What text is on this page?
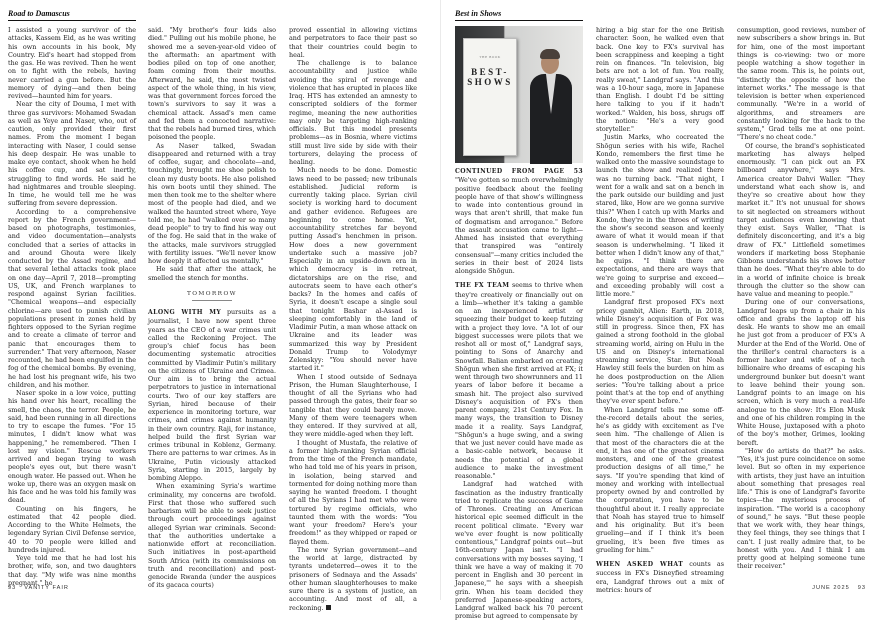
Road to Damascus

I assisted a young survivor of the attacks, Kassem Eid, as he was writing his own accounts in his book, My Country. Eid's heart had stopped from the gas. He was revived. Then he went on to fight with the rebels, having never carried a gun before. But the memory of dying—and then being revived—haunted him for years.

Near the city of Douma, I met with three gas survivors: Mohamed Swadan as well as Yeye and Naser, who, out of caution, only provided their first names. From the moment I began interacting with Naser, I could sense his deep despair. He was unable to make eye contact, shook when he held his coffee cup, and sat inertly, struggling to find words. He said he had nightmares and trouble sleeping. In time, he would tell me he was suffering from severe depression.

According to a comprehensive report by the French government—based on photographs, testimonies, and video documentation—analysts concluded that a series of attacks in and around Ghouta were likely conducted by the Assad regime, and that several lethal attacks took place on one day—April 7, 2018—prompting US, UK, and French warplanes to respond against Syrian facilities. "Chemical weapons—and especially chlorine—are used to punish civilian populations present in zones held by fighters opposed to the Syrian regime and to create a climate of terror and panic that encourages them to surrender." That very afternoon, Naser recounted, he had been engulfed in the fog of the chemical bombs. By evening, he had lost his pregnant wife, his two children, and his mother.

Naser spoke in a low voice, putting his hand over his heart, recalling the smell, the chaos, the terror. People, he said, had been running in all directions to try to escape the fumes. "For 15 minutes, I didn't know what was happening," he remembered. "Then I lost my vision." Rescue workers arrived and began trying to wash people's eyes out, but there wasn't enough water. He passed out. When he woke up, there was an oxygen mask on his face and he was told his family was dead.

Counting on his fingers, he estimated that 42 people died. According to the White Helmets, the legendary Syrian Civil Defense service, 40 to 70 people were killed and hundreds injured.

Yeye told me that he had lost his brother, wife, son, and two daughters that day. "My wife was nine months pregnant," he

said. "My brother's four kids also died." Pulling out his mobile phone, he showed me a seven-year-old video of the aftermath: an apartment with bodies piled on top of one another, foam coming from their mouths. Afterward, he said, the most twisted aspect of the whole thing, in his view, was that government forces forced the town's survivors to say it was a chemical attack. Assad's men came and fed them a concocted narrative: that the rebels had burned tires, which poisoned the people.

As Naser talked, Swadan disappeared and returned with a tray of coffee, sugar, and chocolate—and, touchingly, brought me shoe polish to clean my dusty boots. He also polished his own boots until they shined. The men then took me to the shelter where most of the people had died, and we walked the haunted street where, Yeye told me, he had "walked over so many dead people" to try to find his way out of the fog. He said that in the wake of the attacks, male survivors struggled with fertility issues. "We'll never know how deeply it affected us mentally."

He said that after the attack, he smelled the stench for months.

TOMORROW

ALONG WITH MY pursuits as a journalist, I have now spent three years as the CEO of a war crimes unit called the Reckoning Project. The group's chief focus has been documenting systematic atrocities committed by Vladimir Putin's military on the citizens of Ukraine and Crimea. Our aim is to bring the actual perpetrators to justice in international courts. Two of our key staffers are Syrian, hired because of their experience in monitoring torture, war crimes, and crimes against humanity in their own country. Raji, for instance, helped build the first Syrian war crimes tribunal in Koblenz, Germany. There are patterns to war crimes. As in Ukraine, Putin viciously attacked Syria, starting in 2015, largely by bombing Aleppo.

When examining Syria's wartime criminality, my concerns are twofold. First that those who suffered such barbarism will be able to seek justice through court proceedings against alleged Syrian war criminals. Second: that the authorities undertake a nationwide effort at reconciliation. Such initiatives in post-apartheid South Africa (with its commissions on truth and reconciliation) and post-genocide Rwanda (under the auspices of its gacaca courts)

proved essential in allowing victims and perpetrators to face their past so that their countries could begin to heal.

The challenge is to balance accountability and justice while avoiding the spiral of revenge and violence that has erupted in places like Iraq. HTS has extended an amnesty to conscripted soldiers of the former regime, meaning the new authorities may only be targeting high-ranking officials. But this model presents problems—as in Bosnia, where victims still must live side by side with their torturers, delaying the process of healing.

Much needs to be done. Domestic laws need to be passed; new tribunals established. Judicial reform is currently taking place. Syrian civil society is working hard to document and gather evidence. Refugees are beginning to come home. Yet, accountability stretches far beyond putting Assad's henchmen in prison. How does a new government undertake such a massive job? Especially in an upside-down era in which democracy is in retreat, dictatorships are on the rise, and autocrats seem to have each other's backs? In the homes and cafés of Syria, it doesn't escape a single soul that tonight Bashar al-Assad is sleeping comfortably in the land of Vladimir Putin, a man whose attack on Ukraine and its leader was summarized this way by President Donald Trump to Volodymyr Zelenskyy: "You should never have started it."

When I stood outside of Sednaya Prison, the Human Slaughterhouse, I thought of all the Syrians who had passed through the gates, their fear so tangible that they could barely move. Many of them were teenagers when they entered. If they survived at all, they were middle-aged when they left.

I thought of Mustafa, the relative of a former high-ranking Syrian official from the time of the French mandate, who had told me of his years in prison, in isolation, being starved and tormented for doing nothing more than saying he wanted freedom. I thought of all the Syrians I had met who were tortured by regime officials, who taunted them with the words: "You want your freedom? Here's your freedom!" as they whipped or raped or flayed them.

The new Syrian government—and the world at large, distracted by tyrants undeterred—owes it to the prisoners of Sednaya and the Assads' other human slaughterhouses to make sure there is a system of justice, an accounting. And most of all, a reckoning.

93 VANITY FAIR
Best in Shows
THE BOOK
BEST-SHOWS

CONTINUED FROM PAGE 53 "We've gotten so much overwhelmingly positive feedback about the feeling people have of that show's willingness to wade into contentious ground in ways that aren't shrill, that make fun of dogmatism and arrogance." Before the assault accusation came to light—Ahmed has insisted that everything that transpired was "entirely consensual"—many critics included the series in their best of 2024 lists alongside Shōgun.

THE FX TEAM seems to thrive when they're creatively or financially out on a limb—whether it's taking a gamble on an inexperienced artist or squeezing their budget to keep futzing with a project they love. "A lot of our biggest successes were pilots that we reshot all or most of," Landgraf says, pointing to Sons of Anarchy and Snowfall. Balian embarked on creating Shōgun when she first arrived at FX; it went through two showrunners and 11 years of labor before it became a smash hit. The project also survived Disney's acquisition of FX's then parent company, 21st Century Fox. In many ways, the transition to Disney made it a reality. Says Landgraf, "Shōgun's a huge swing, and a swing that we just never could have made as a basic-cable network, because it needs the potential of a global audience to make the investment reasonable."

Landgraf had watched with fascination as the industry frantically tried to replicate the success of Game of Thrones. Creating an American historical epic seemed difficult in the recent political climate. "Every war we've ever fought is now politically contentious," Landgraf points out—but 16th-century Japan isn't. "I had conversations with my bosses saying, 'I think we have a way of making it 70 percent in English and 30 percent in Japanese,'" he says with a sheepish grin. When his team decided they preferred Japanese-speaking actors, Landgraf walked back his 70 percent promise but agreed to compensate by

hiring a big star for the one British character. Soon, he walked even that back. One key to FX's survival has been scrappiness and keeping a tight rein on finances. "In television, big bets are not a lot of fun. You really, really sweat," Landgraf says. "And this was a 10-hour saga, more in Japanese than English. I doubt I'd be sitting here talking to you if it hadn't worked." Walden, his boss, shrugs off the notion: "He's a very good storyteller."

Justin Marks, who cocreated the Shōgun series with his wife, Rachel Kondo, remembers the first time he walked onto the massive soundstage to launch the show and realized there was no turning back. "That night, I went for a walk and sat on a bench in the park outside our building and just stared, like, How are we gonna survive this?" When I catch up with Marks and Kondo, they're in the throes of writing the show's second season and keenly aware of what it would mean if that season is underwhelming. "I liked it better when I didn't know any of that," he quips. "I think there are expectations, and there are ways that we're going to surprise and exceed—and exceeding probably will cost a little more."

Landgraf first proposed FX's next pricey gambit, Alien: Earth, in 2018, while Disney's acquisition of Fox was still in progress. Since then, FX has gained a strong foothold in the global streaming world, airing on Hulu in the US and on Disney's international streaming service, Star. But Noah Hawley still feels the burden on him as he does postproduction on the Alien series: "You're talking about a price point that's at the top end of anything they've ever spent before."

When Landgraf tells me some off-the-record details about the series, he's as giddy with excitement as I've seen him. "The challenge of Alien is that most of the characters die at the end, it has one of the greatest cinema monsters, and one of the greatest production designs of all time," he says. "If you're spending that kind of money and working with intellectual property owned by and controlled by the corporation, you have to be thoughtful about it. I really appreciate that Noah has stayed true to himself and his originality. But it's been grueling—and if I think it's been grueling, it's been five times as grueling for him."

WHEN ASKED WHAT counts as success in FX's Disneyfied streaming era, Landgraf throws out a mix of metrics: hours of

consumption, good reviews, number of new subscribers a show brings in. But for him, one of the most important things is co-viewing: two or more people watching a show together in the same room. This is, he points out, "distinctly the opposite of how the internet works." The message is that television is better when experienced communally. "We're in a world of algorithms, and streamers are constantly looking for the hack to the system," Grad tells me at one point. "There's no cheat code."

Of course, the brand's sophisticated marketing has always helped enormously. "I can pick out an FX billboard anywhere," says Mrs. America creator Dahvi Waller. "They understand what each show is, and they're so creative about how they market it." It's not unusual for shows to sit neglected on streamers without target audiences even knowing that they exist. Says Waller, "That is definitely disconcerting, and it's a big draw of FX." Littlefield sometimes wonders if marketing boss Stephanie Gibbons understands his shows better than he does. "What they're able to do in a world of infinite choice is break through the clutter so the show can have value and meaning to people."

During one of our conversations, Landgraf leaps up from a chair in his office and grabs the laptop off his desk. He wants to show me an email he just got from a producer of FX's A Murder at the End of the World. One of the thriller's central characters is a former hacker and wife of a tech billionaire who dreams of escaping his underground bunker but doesn't want to leave behind their young son. Landgraf points to an image on his screen, which is very much a real-life analogue to the show: It's Elon Musk and one of his children romping in the White House, juxtaposed with a photo of the boy's mother, Grimes, looking bereft.

"How do artists do that?" he asks. "Yes, it's just pure coincidence on some level. But so often in my experience with artists, they just have an intuition about something that presages real life." This is one of Landgraf's favorite topics—the mysterious process of inspiration. "The world is a cacophony of sound," he says. "But these people that we work with, they hear things, they feel things, they see things that I can't. I just really admire that, to be honest with you. And I think I am pretty good at helping someone tune their receiver."

JUNE 2025 93
